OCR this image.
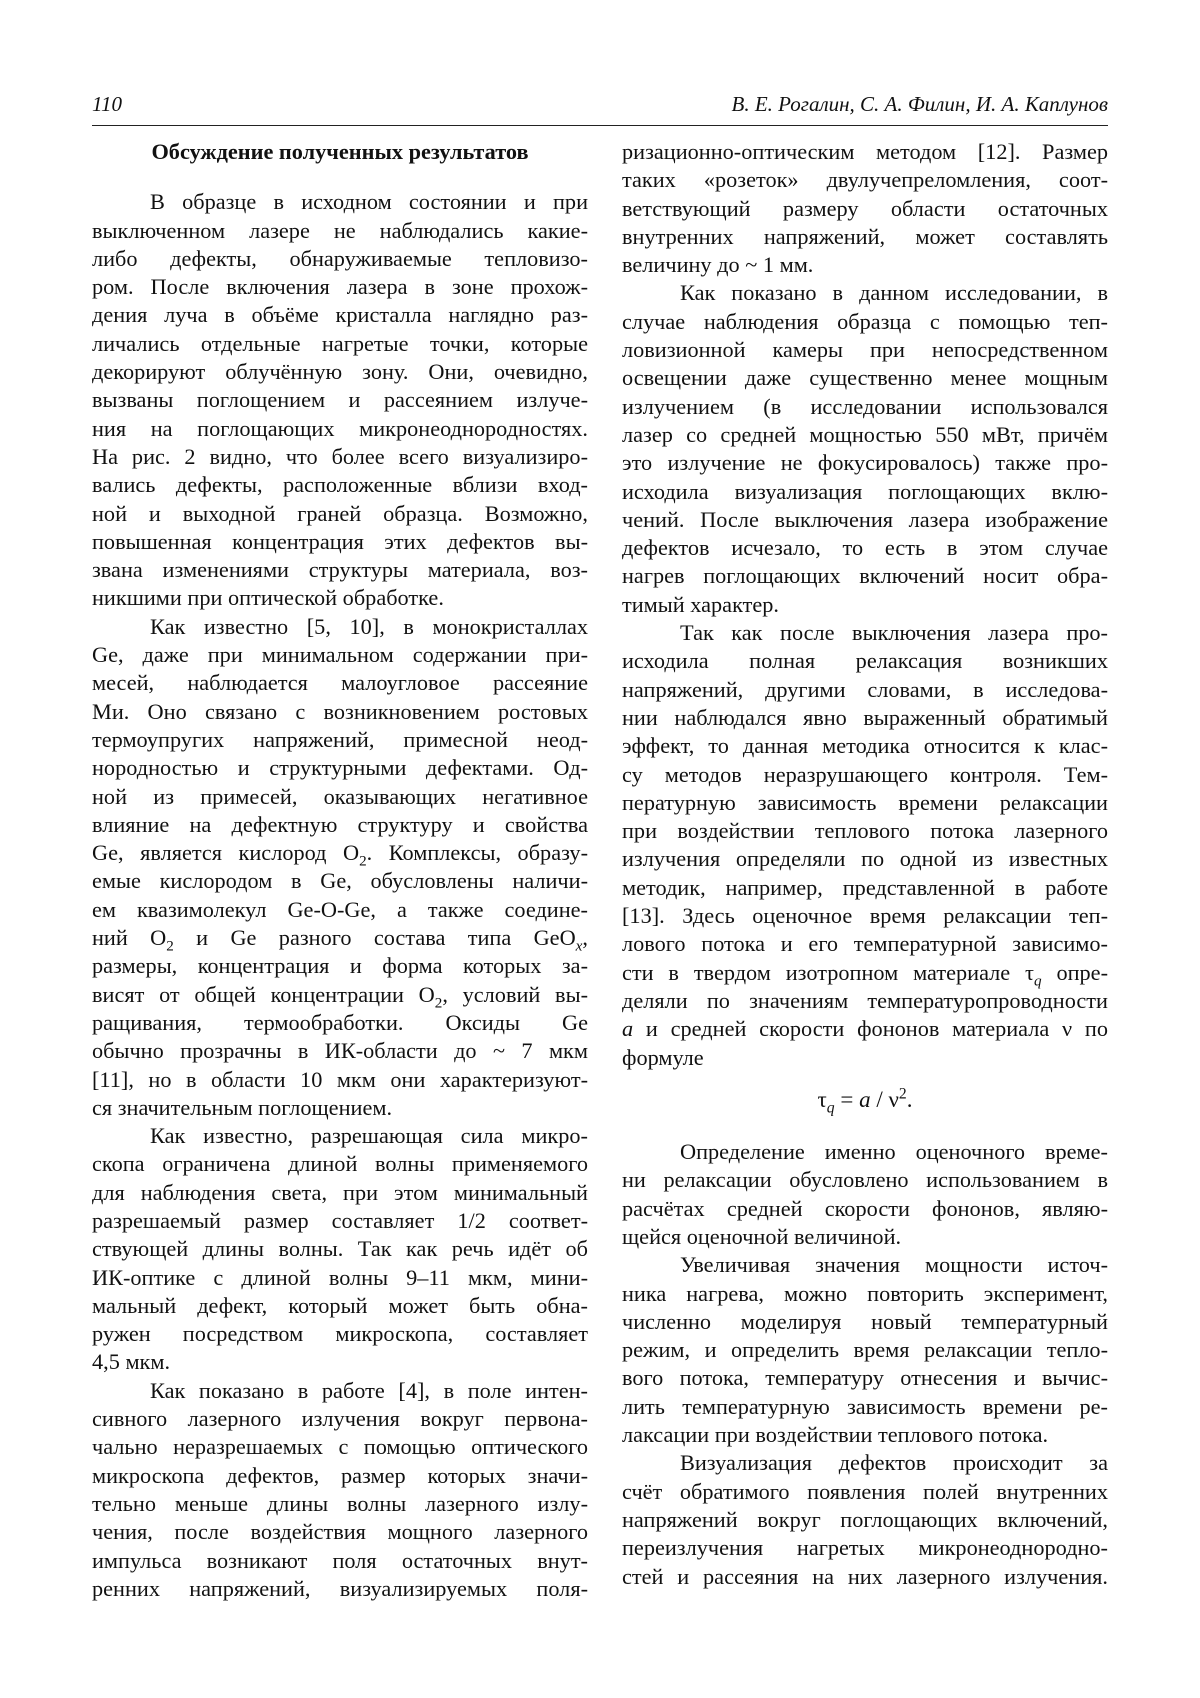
110	В. Е. Рогалин, С. А. Филин, И. А. Каплунов
Обсуждение полученных результатов
В образце в исходном состоянии и при
выключенном лазере не наблюдались какие-
либо дефекты, обнаруживаемые тепловизо-
ром. После включения лазера в зоне прохож-
дения луча в объёме кристалла наглядно раз-
личались отдельные нагретые точки, которые
декорируют облучённую зону. Они, очевидно,
вызваны поглощением и рассеянием излуче-
ния на поглощающих микронеоднородностях.
На рис. 2 видно, что более всего визуализиро-
вались дефекты, расположенные вблизи вход-
ной и выходной граней образца. Возможно,
повышенная концентрация этих дефектов вы-
звана изменениями структуры материала, воз-
никшими при оптической обработке.
Как известно [5, 10], в монокристаллах
Ge, даже при минимальном содержании при-
месей, наблюдается малоугловое рассеяние
Ми. Оно связано с возникновением ростовых
термоупругих напряжений, примесной неод-
нородностью и структурными дефектами. Од-
ной из примесей, оказывающих негативное
влияние на дефектную структуру и свойства
Ge, является кислород O2. Комплексы, образу-
емые кислородом в Ge, обусловлены наличи-
ем квазимолекул Ge-O-Ge, а также соедине-
ний O2 и Ge разного состава типа GeOx,
размеры, концентрация и форма которых за-
висят от общей концентрации O2, условий вы-
ращивания, термообработки. Оксиды Ge
обычно прозрачны в ИК-области до ~ 7 мкм
[11], но в области 10 мкм они характеризуют-
ся значительным поглощением.
Как известно, разрешающая сила микро-
скопа ограничена длиной волны применяемого
для наблюдения света, при этом минимальный
разрешаемый размер составляет 1/2 соответ-
ствующей длины волны. Так как речь идёт об
ИК-оптике с длиной волны 9–11 мкм, мини-
мальный дефект, который может быть обна-
ружен посредством микроскопа, составляет
4,5 мкм.
Как показано в работе [4], в поле интен-
сивного лазерного излучения вокруг первона-
чально неразрешаемых с помощью оптического
микроскопа дефектов, размер которых значи-
тельно меньше длины волны лазерного излу-
чения, после воздействия мощного лазерного
импульса возникают поля остаточных внут-
ренних напряжений, визуализируемых поля-
ризационно-оптическим методом [12]. Размер
таких «розеток» двулучепреломления, соот-
ветствующий размеру области остаточных
внутренних напряжений, может составлять
величину до ~ 1 мм.
Как показано в данном исследовании, в
случае наблюдения образца с помощью теп-
ловизионной камеры при непосредственном
освещении даже существенно менее мощным
излучением (в исследовании использовался
лазер со средней мощностью 550 мВт, причём
это излучение не фокусировалось) также про-
исходила визуализация поглощающих вклю-
чений. После выключения лазера изображение
дефектов исчезало, то есть в этом случае
нагрев поглощающих включений носит обра-
тимый характер.
Так как после выключения лазера про-
исходила полная релаксация возникших
напряжений, другими словами, в исследова-
нии наблюдался явно выраженный обратимый
эффект, то данная методика относится к клас-
су методов неразрушающего контроля. Тем-
пературную зависимость времени релаксации
при воздействии теплового потока лазерного
излучения определяли по одной из известных
методик, например, представленной в работе
[13]. Здесь оценочное время релаксации теп-
лового потока и его температурной зависимо-
сти в твердом изотропном материале τq опре-
деляли по значениям температуропроводности
a и средней скорости фононов материала ν по
формуле
τq = a / ν2.
Определение именно оценочного време-
ни релаксации обусловлено использованием в
расчётах средней скорости фононов, являю-
щейся оценочной величиной.
Увеличивая значения мощности источ-
ника нагрева, можно повторить эксперимент,
численно моделируя новый температурный
режим, и определить время релаксации тепло-
вого потока, температуру отнесения и вычис-
лить температурную зависимость времени ре-
лаксации при воздействии теплового потока.
Визуализация дефектов происходит за
счёт обратимого появления полей внутренних
напряжений вокруг поглощающих включений,
переизлучения нагретых микронеоднородно-
стей и рассеяния на них лазерного излучения.
